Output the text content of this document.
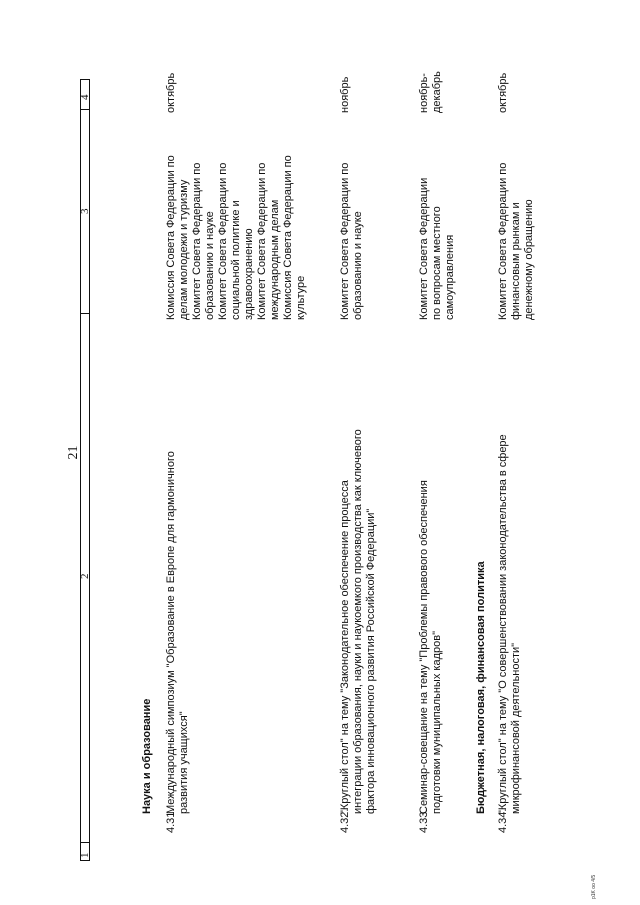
21
1
2
3
4
Наука и образование
4.31.
Международный симпозиум "Образование в Европе для гармоничного развития учащихся"
Комиссия Совета Федерации по делам молодежи и туризму Комитет Совета Федерации по образованию и науке Комитет Совета Федерации по социальной политике и здравоохранению Комитет Совета Федерации по международным делам Комиссия Совета Федерации по культуре
октябрь
4.32.
"Круглый стол" на тему "Законодательное обеспечение процесса интеграции образования, науки и наукоемкого производства как ключевого фактора инновационного развития Российской Федерации"
Комитет Совета Федерации по образованию и науке
ноябрь
4.33.
Семинар-совещание на тему "Проблемы правового обеспечения подготовки муниципальных кадров"
Комитет Совета Федерации по вопросам местного самоуправления
ноябрь- декабрь
Бюджетная, налоговая, финансовая политика
4.34.
"Круглый стол" на тему "О совершенствовании законодательства в сфере микрофинансовой деятельности"
Комитет Совета Федерации по финансовым рынкам и денежному обращению
октябрь
p1K oo 4/5
